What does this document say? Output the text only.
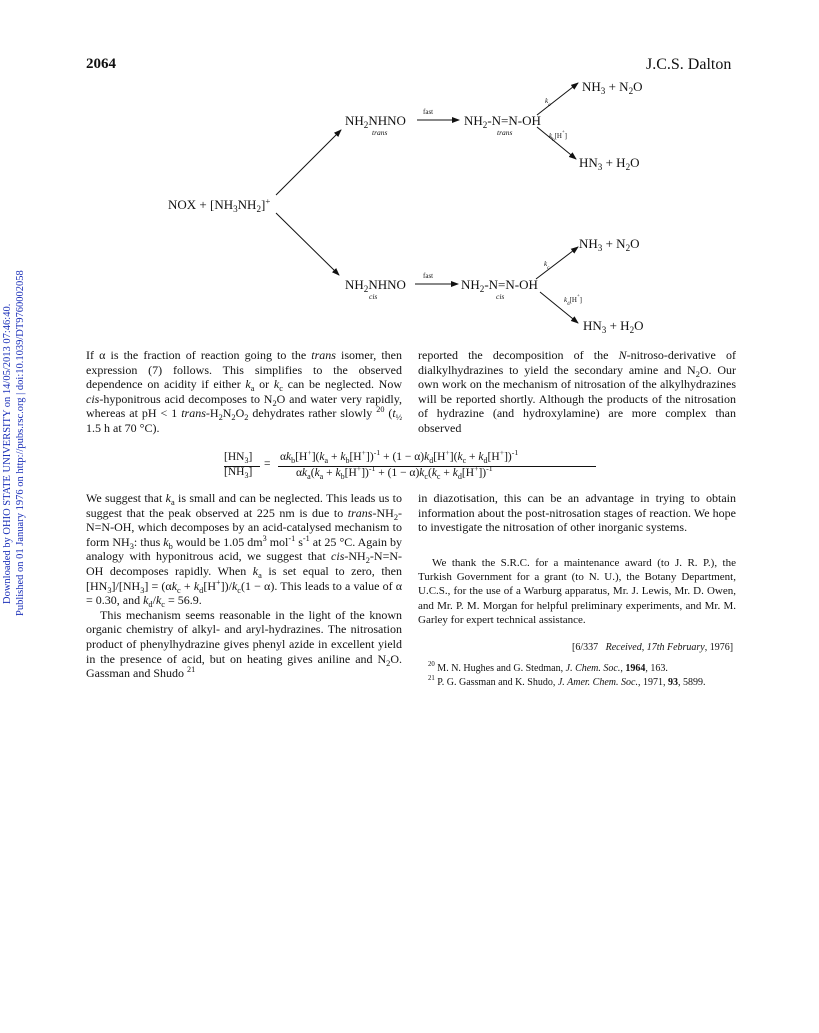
2064	J.C.S. Dalton
Downloaded by OHIO STATE UNIVERSITY on 14/05/2013 07:46:40. Published on 01 January 1976 on http://pubs.rsc.org | doi:10.1039/DT9760002058
NOX + $[NH_3NH_2]^+$
$NH_2NHNO$
trans
fast
$NH_2-N=N-OH$
trans
$k_a$
$k_b[H^+]$
$NH_3 + N_2O$
$HN_3 + H_2O$
$NH_2NHNO$
cis
fast
$NH_2-N=N-OH$
cis
$k_c$
$k_d[H^+]$
$NH_3 + N_2O$
$HN_3 + H_2O$

If α is the fraction of reaction going to the trans isomer, then expression (7) follows. This simplifies to the observed dependence on acidity if either $k_a$ or $k_c$ can be neglected. Now cis-hyponitrous acid decomposes to $N_2O$ and water very rapidly, whereas at pH < 1 trans-$H_2N_2O_2$ dehydrates rather slowly $^{20}$ ($t_{\frac{1}{2}}$ 1.5 h at 70 °C).

reported the decomposition of the N-nitroso-derivative of dialkylhydrazines to yield the secondary amine and $N_2O$. Our own work on the mechanism of nitrosation of the alkylhydrazines will be reported shortly. Although the products of the nitrosation of hydrazine (and hydroxylamine) are more complex than observed

$[HN_3]$
$[NH_3]$
=
$\alpha k_b[H^+](k_a + k_b[H^+])^{-1} + (1 - \alpha)k_d[H^+](k_c + k_d[H^+])^{-1}$
$\alpha k_a(k_a + k_b[H^+])^{-1} + (1 - \alpha)k_c(k_c + k_d[H^+])^{-1}$

We suggest that $k_a$ is small and can be neglected. This leads us to suggest that the peak observed at 225 nm is due to trans-$NH_2-N=N-OH$, which decomposes by an acid-catalysed mechanism to form $NH_3$: thus $k_b$ would be 1.05 $dm^3$ mol$^{-1}$ $s^{-1}$ at 25 °C. Again by analogy with hyponitrous acid, we suggest that cis-$NH_2-N=N-OH$ decomposes rapidly. When $k_a$ is set equal to zero, then $[HN_3]/[NH_3] = (\alpha k_c + k_d[H^+])/k_c(1 - \alpha)$. This leads to a value of α = 0.30, and $k_d/k_c = 56.9$.

This mechanism seems reasonable in the light of the known organic chemistry of alkyl- and aryl-hydrazines. The nitrosation product of phenylhydrazine gives phenyl azide in excellent yield in the presence of acid, but on heating gives aniline and $N_2O$. Gassman and Shudo $^{21}$

in diazotisation, this can be an advantage in trying to obtain information about the post-nitrosation stages of reaction. We hope to investigate the nitrosation of other inorganic systems.

We thank the S.R.C. for a maintenance award (to J. R. P.), the Turkish Government for a grant (to N. U.), the Botany Department, U.C.S., for the use of a Warburg apparatus, Mr. J. Lewis, Mr. D. Owen, and Mr. P. M. Morgan for helpful preliminary experiments, and Mr. M. Garley for expert technical assistance.

[6/337   Received, 17th February, 1976]
$^{20}$ M. N. Hughes and G. Stedman, J. Chem. Soc., 1964, 163.
$^{21}$ P. G. Gassman and K. Shudo, J. Amer. Chem. Soc., 1971, 93, 5899.
